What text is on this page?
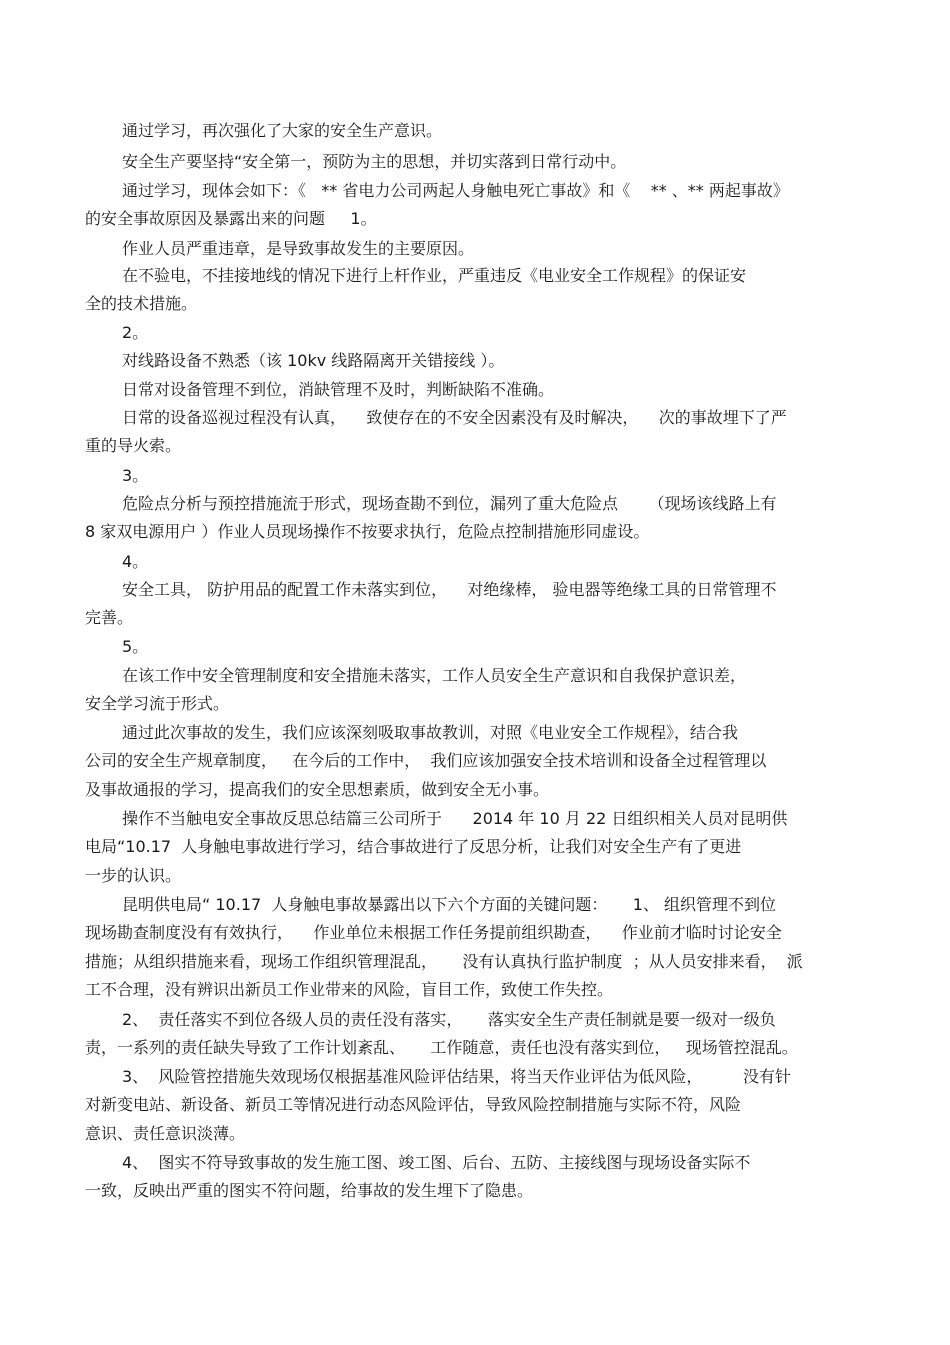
通过学习，再次强化了大家的安全生产意识。
安全生产要坚持“安全第一，预防为主的思想，并切实落到日常行动中。
通过学习，现体会如下：《   ** 省电力公司两起人身触电死亡事故》和《    ** 、** 两起事故》
的安全事故原因及暴露出来的问题     1。
作业人员严重违章，是导致事故发生的主要原因。
在不验电，不挂接地线的情况下进行上杆作业，严重违反《电业安全工作规程》的保证安
全的技术措施。
2。
对线路设备不熟悉（该 10kv 线路隔离开关错接线 ）。
日常对设备管理不到位，消缺管理不及时，判断缺陷不准确。
日常的设备巡视过程没有认真，    致使存在的不安全因素没有及时解决，    次的事故埋下了严
重的导火索。
3。
危险点分析与预控措施流于形式，现场查勘不到位，漏列了重大危险点      （现场该线路上有
8 家双电源用户 ）作业人员现场操作不按要求执行，危险点控制措施形同虚设。
4。
安全工具， 防护用品的配置工作未落实到位，    对绝缘棒， 验电器等绝缘工具的日常管理不
完善。
5。
在该工作中安全管理制度和安全措施未落实，工作人员安全生产意识和自我保护意识差，
安全学习流于形式。
通过此次事故的发生，我们应该深刻吸取事故教训，对照《电业安全工作规程》，结合我
公司的安全生产规章制度，   在今后的工作中，  我们应该加强安全技术培训和设备全过程管理以
及事故通报的学习，提高我们的安全思想素质，做到安全无小事。
操作不当触电安全事故反思总结篇三公司所于      2014 年 10 月 22 日组织相关人员对昆明供
电局“10.17  人身触电事故进行学习，结合事故进行了反思分析，让我们对安全生产有了更进
一步的认识。
昆明供电局“ 10.17  人身触电事故暴露出以下六个方面的关键问题：     1、 组织管理不到位
现场勘查制度没有有效执行，    作业单位未根据工作任务提前组织勘查，    作业前才临时讨论安全
措施；从组织措施来看，现场工作组织管理混乱，     没有认真执行监护制度  ；从人员安排来看，  派
工不合理，没有辨识出新员工作业带来的风险，盲目工作，致使工作失控。
2、  责任落实不到位各级人员的责任没有落实，     落实安全生产责任制就是要一级对一级负
责，一系列的责任缺失导致了工作计划紊乱、     工作随意，责任也没有落实到位，   现场管控混乱。
3、  风险管控措施失效现场仅根据基准风险评估结果，将当天作业评估为低风险，        没有针
对新变电站、新设备、新员工等情况进行动态风险评估，导致风险控制措施与实际不符，风险
意识、责任意识淡薄。
4、  图实不符导致事故的发生施工图、竣工图、后台、五防、主接线图与现场设备实际不
一致，反映出严重的图实不符问题，给事故的发生埋下了隐患。
